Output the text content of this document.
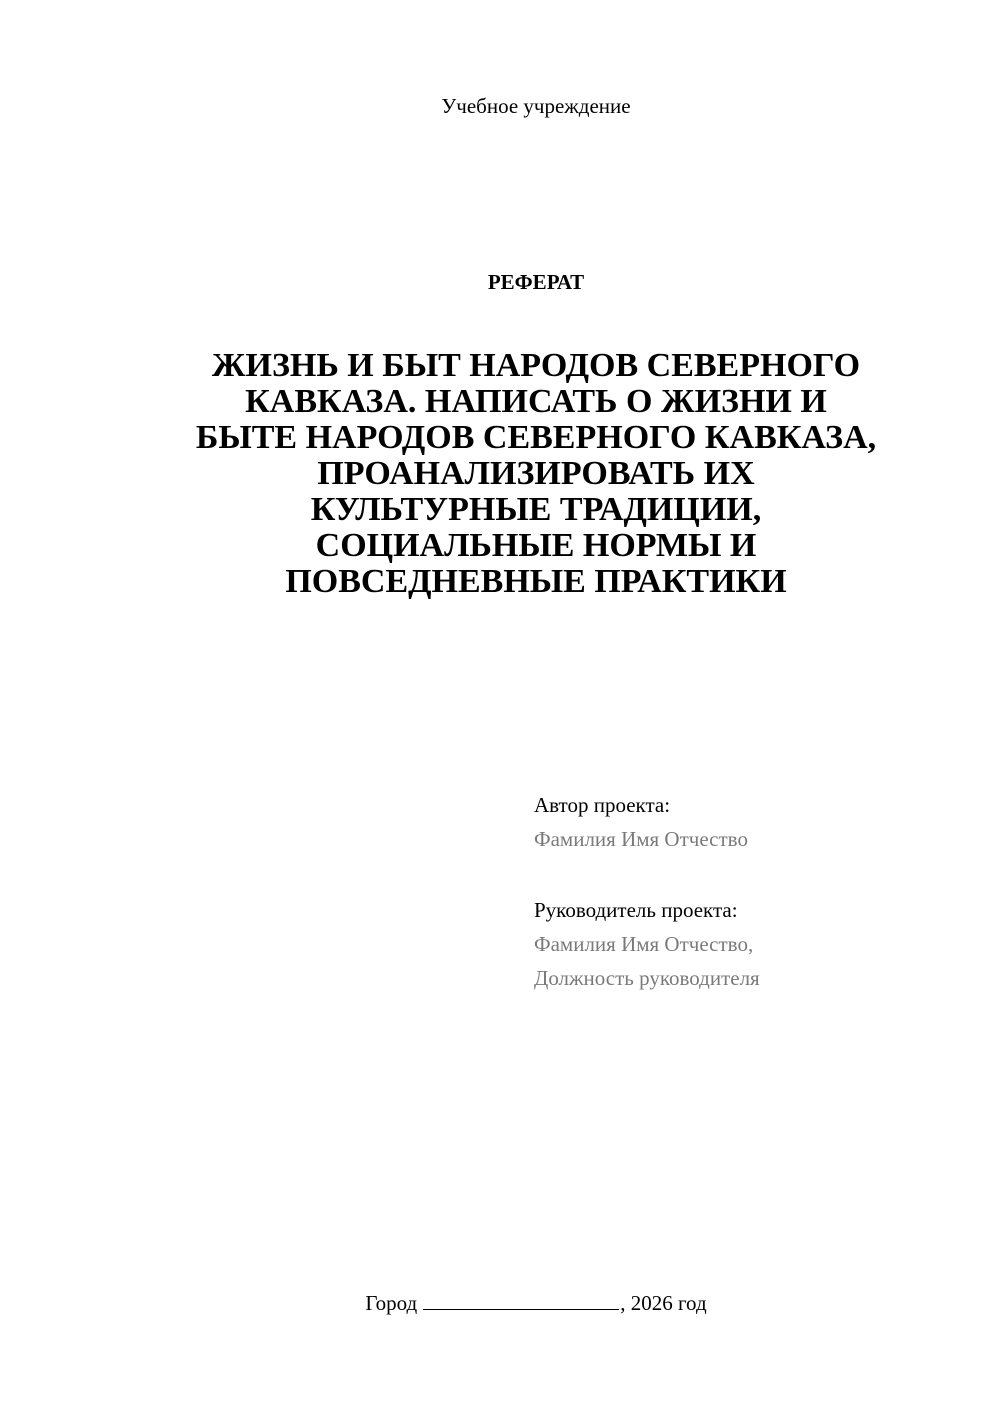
Учебное учреждение
РЕФЕРАТ
ЖИЗНЬ И БЫТ НАРОДОВ СЕВЕРНОГО
КАВКАЗА. НАПИСАТЬ О ЖИЗНИ И
БЫТЕ НАРОДОВ СЕВЕРНОГО КАВКАЗА,
ПРОАНАЛИЗИРОВАТЬ ИХ
КУЛЬТУРНЫЕ ТРАДИЦИИ,
СОЦИАЛЬНЫЕ НОРМЫ И
ПОВСЕДНЕВНЫЕ ПРАКТИКИ
Автор проекта:
Фамилия Имя Отчество
Руководитель проекта:
Фамилия Имя Отчество,
Должность руководителя
Город	, 2026 год
